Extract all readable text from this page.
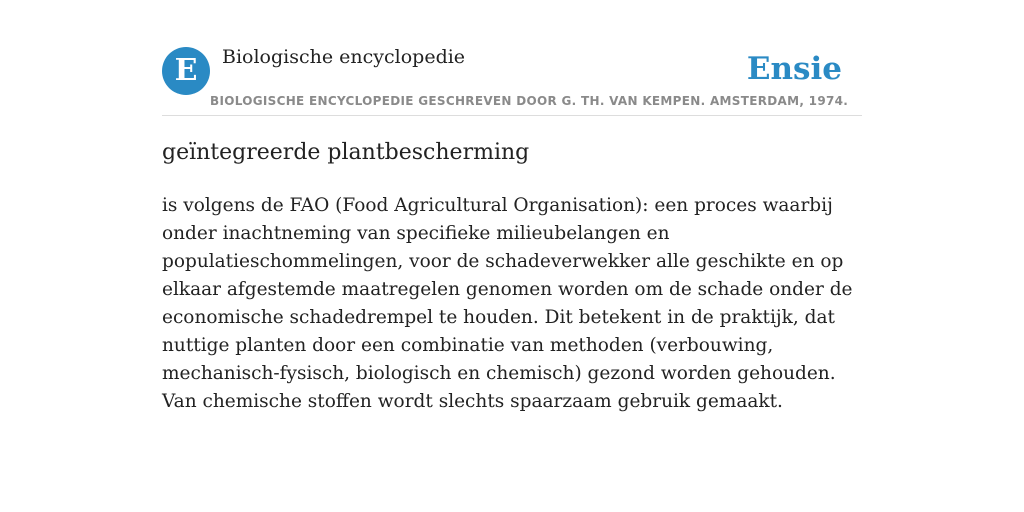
E Biologische encyclopedie	Ensie
BIOLOGISCHE ENCYCLOPEDIE GESCHREVEN DOOR G. TH. VAN KEMPEN. AMSTERDAM, 1974.
geïntegreerde plantbescherming

is volgens de FAO (Food Agricultural Organisation): een proces waarbij onder inachtneming van specifieke milieubelangen en populatieschommelingen, voor de schadeverwekker alle geschikte en op elkaar afgestemde maatregelen genomen worden om de schade onder de economische schadedrempel te houden. Dit betekent in de praktijk, dat nuttige planten door een combinatie van methoden (verbouwing, mechanisch-fysisch, biologisch en chemisch) gezond worden gehouden. Van chemische stoffen wordt slechts spaarzaam gebruik gemaakt.
